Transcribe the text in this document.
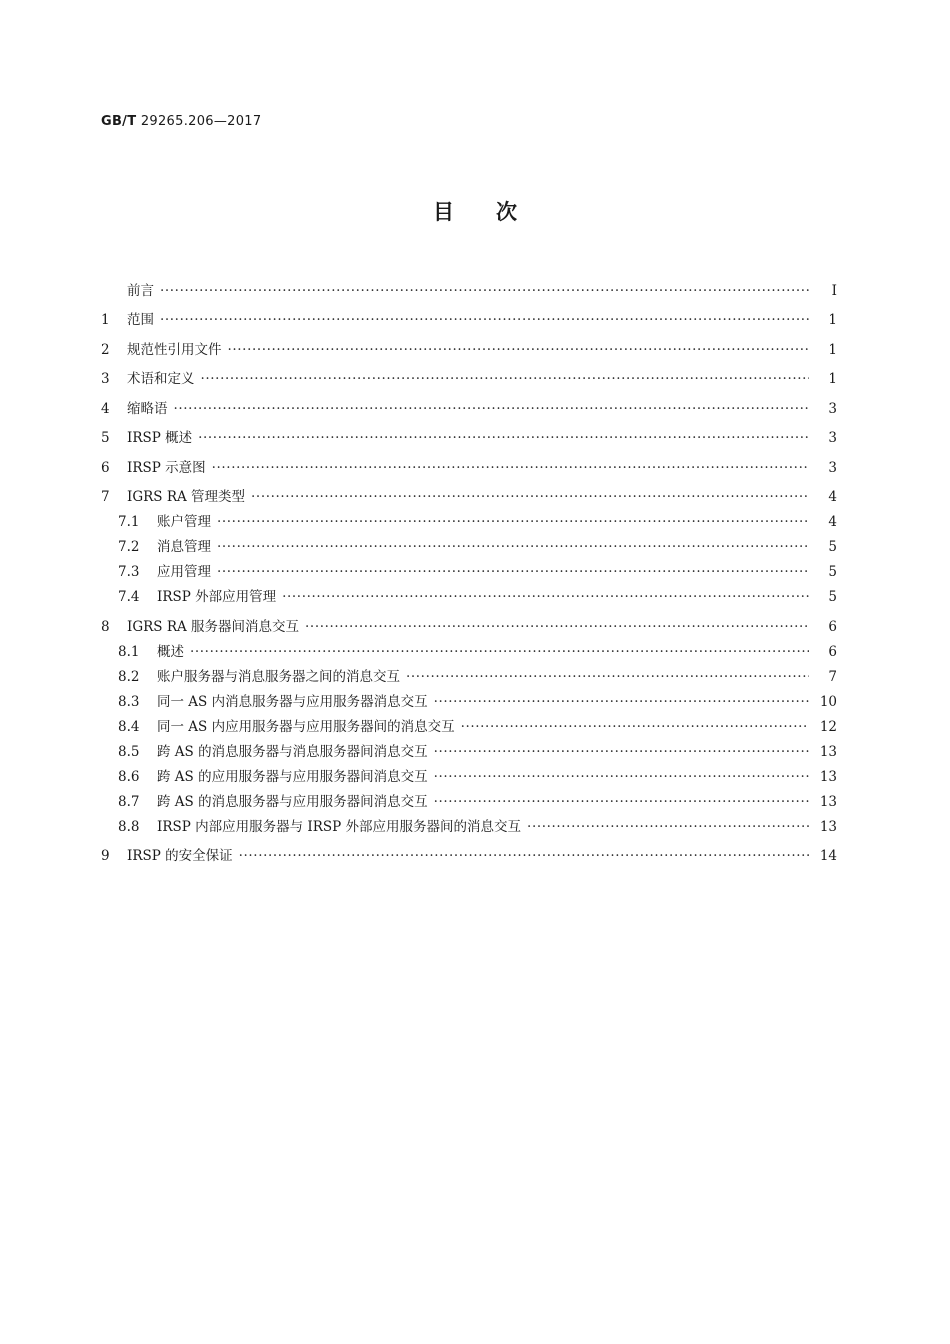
GB/T 29265.206—2017
目次
前言 ·····	Ⅰ
1	范围 ·····	1
2	规范性引用文件 ·····	1
3	术语和定义 ·····	1
4	缩略语 ·····	3
5	IRSP 概述 ·····	3
6	IRSP 示意图 ·····	3
7	IGRS RA 管理类型 ·····	4
7.1	账户管理 ·····	4
7.2	消息管理 ·····	5
7.3	应用管理 ·····	5
7.4	IRSP 外部应用管理 ·····	5
8	IGRS RA 服务器间消息交互 ·····	6
8.1	概述 ·····	6
8.2	账户服务器与消息服务器之间的消息交互 ·····	7
8.3	同一 AS 内消息服务器与应用服务器消息交互 ·····	10
8.4	同一 AS 内应用服务器与应用服务器间的消息交互 ·····	12
8.5	跨 AS 的消息服务器与消息服务器间消息交互 ·····	13
8.6	跨 AS 的应用服务器与应用服务器间消息交互 ·····	13
8.7	跨 AS 的消息服务器与应用服务器间消息交互 ·····	13
8.8	IRSP 内部应用服务器与 IRSP 外部应用服务器间的消息交互 ·····	13
9	IRSP 的安全保证 ·····	14
